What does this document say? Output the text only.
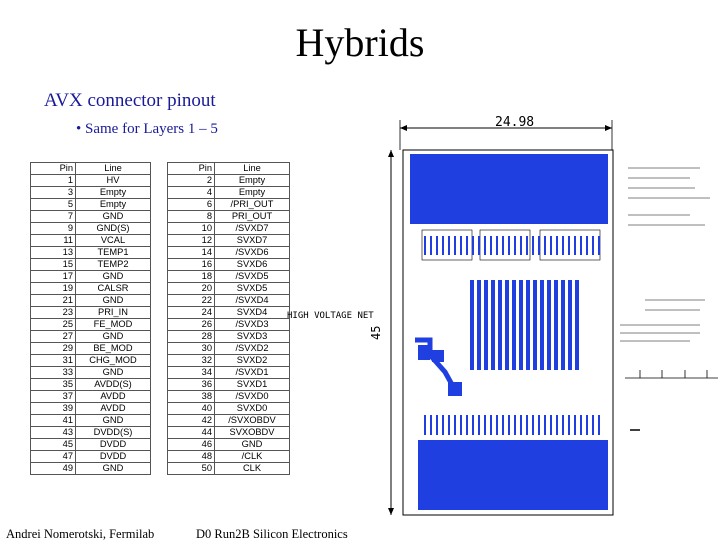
Hybrids
AVX connector pinout
• Same for Layers 1 – 5
Pin	Line		Pin	Line
1	HV		2	Empty
3	Empty		4	Empty
5	Empty		6	/PRI_OUT
7	GND		8	PRI_OUT
9	GND(S)		10	/SVXD7
11	VCAL		12	SVXD7
13	TEMP1		14	/SVXD6
15	TEMP2		16	SVXD6
17	GND		18	/SVXD5
19	CALSR		20	SVXD5
21	GND		22	/SVXD4
23	PRI_IN		24	SVXD4
25	FE_MOD		26	/SVXD3
27	GND		28	SVXD3
29	BE_MOD		30	/SVXD2
31	CHG_MOD		32	SVXD2
33	GND		34	/SVXD1
35	AVDD(S)		36	SVXD1
37	AVDD		38	/SVXD0
39	AVDD		40	SVXD0
41	GND		42	/SVXOBDV
43	DVDD(S)		44	SVXOBDV
45	DVDD		46	GND
47	DVDD		48	/CLK
49	GND		50	CLK
24.98
45
HIGH VOLTAGE NET
Andrei Nomerotski, Fermilab	D0 Run2B Silicon Electronics
